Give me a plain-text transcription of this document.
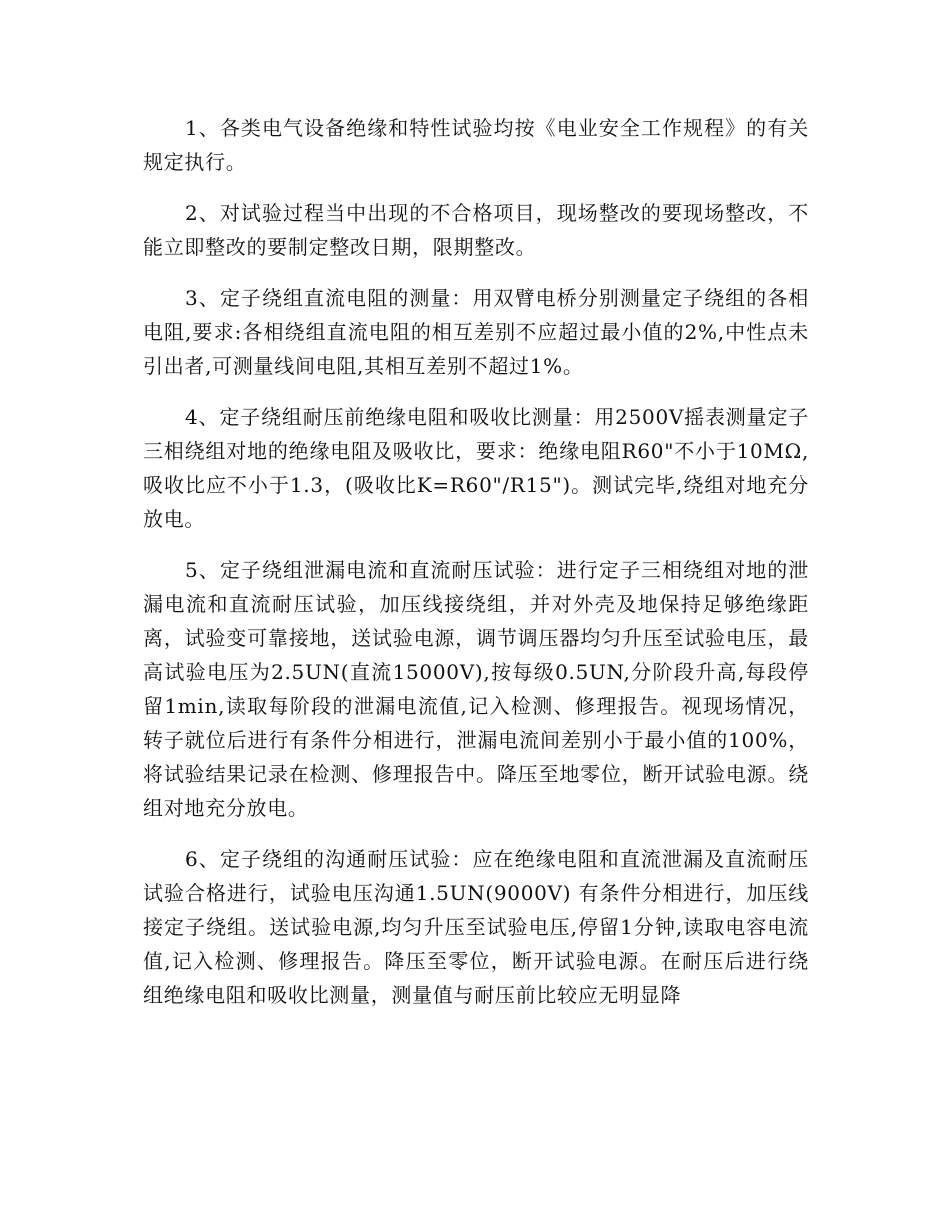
1、各类电气设备绝缘和特性试验均按《电业安全工作规程》的有关规定执行。

2、对试验过程当中出现的不合格项目，现场整改的要现场整改，不能立即整改的要制定整改日期，限期整改。

3、定子绕组直流电阻的测量：用双臂电桥分别测量定子绕组的各相电阻,要求:各相绕组直流电阻的相互差别不应超过最小值的2%,中性点未引出者,可测量线间电阻,其相互差别不超过1%。

4、定子绕组耐压前绝缘电阻和吸收比测量：用2500V摇表测量定子三相绕组对地的绝缘电阻及吸收比，要求：绝缘电阻R60"不小于10MΩ,吸收比应不小于1.3，(吸收比K=R60"/R15")。测试完毕,绕组对地充分放电。

5、定子绕组泄漏电流和直流耐压试验：进行定子三相绕组对地的泄漏电流和直流耐压试验，加压线接绕组，并对外壳及地保持足够绝缘距离，试验变可靠接地，送试验电源，调节调压器均匀升压至试验电压，最高试验电压为2.5UN(直流15000V),按每级0.5UN,分阶段升高,每段停留1min,读取每阶段的泄漏电流值,记入检测、修理报告。视现场情况，转子就位后进行有条件分相进行，泄漏电流间差别小于最小值的100%，将试验结果记录在检测、修理报告中。降压至地零位，断开试验电源。绕组对地充分放电。

6、定子绕组的沟通耐压试验：应在绝缘电阻和直流泄漏及直流耐压试验合格进行，试验电压沟通1.5UN(9000V) 有条件分相进行，加压线接定子绕组。送试验电源,均匀升压至试验电压,停留1分钟,读取电容电流值,记入检测、修理报告。降压至零位，断开试验电源。在耐压后进行绕组绝缘电阻和吸收比测量，测量值与耐压前比较应无明显降
